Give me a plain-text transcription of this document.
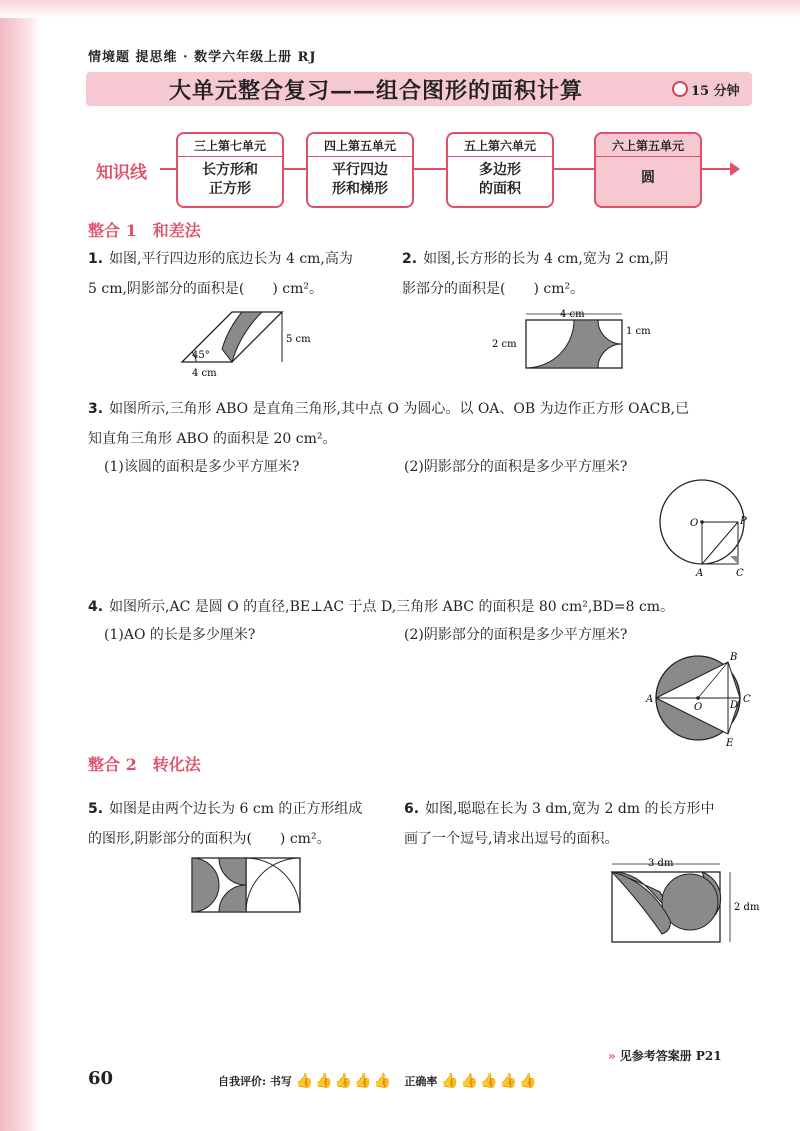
情境题 提思维 · 数学六年级上册 RJ
大单元整合复习——组合图形的面积计算	15 分钟
知识线
三上第七单元
长方形和
正方形
四上第五单元
平行四边
形和梯形
五上第六单元
多边形
的面积
六上第五单元
圆
整合 1　和差法
1. 如图,平行四边形的底边长为 4 cm,高为
5 cm,阴影部分的面积是(　　) cm²。
45°
4 cm
5 cm
2. 如图,长方形的长为 4 cm,宽为 2 cm,阴
影部分的面积是(　　) cm²。
4 cm
2 cm
1 cm
3. 如图所示,三角形 ABO 是直角三角形,其中点 O 为圆心。以 OA、OB 为边作正方形 OACB,已
知直角三角形 ABO 的面积是 20 cm²。
(1)该圆的面积是多少平方厘米?	(2)阴影部分的面积是多少平方厘米?
O	P
A	C
4. 如图所示,AC 是圆 O 的直径,BE⊥AC 于点 D,三角形 ABC 的面积是 80 cm²,BD=8 cm。
(1)AO 的长是多少厘米?	(2)阴影部分的面积是多少平方厘米?
A
B
C
D
E
O
整合 2　转化法
5. 如图是由两个边长为 6 cm 的正方形组成
的图形,阴影部分的面积为(　　) cm²。
6. 如图,聪聪在长为 3 dm,宽为 2 dm 的长方形中
画了一个逗号,请求出逗号的面积。
3 dm
2 dm
» 见参考答案册 P21
60	自我评价: 书写 👍👍👍👍👍 正确率 👍👍👍👍👍
